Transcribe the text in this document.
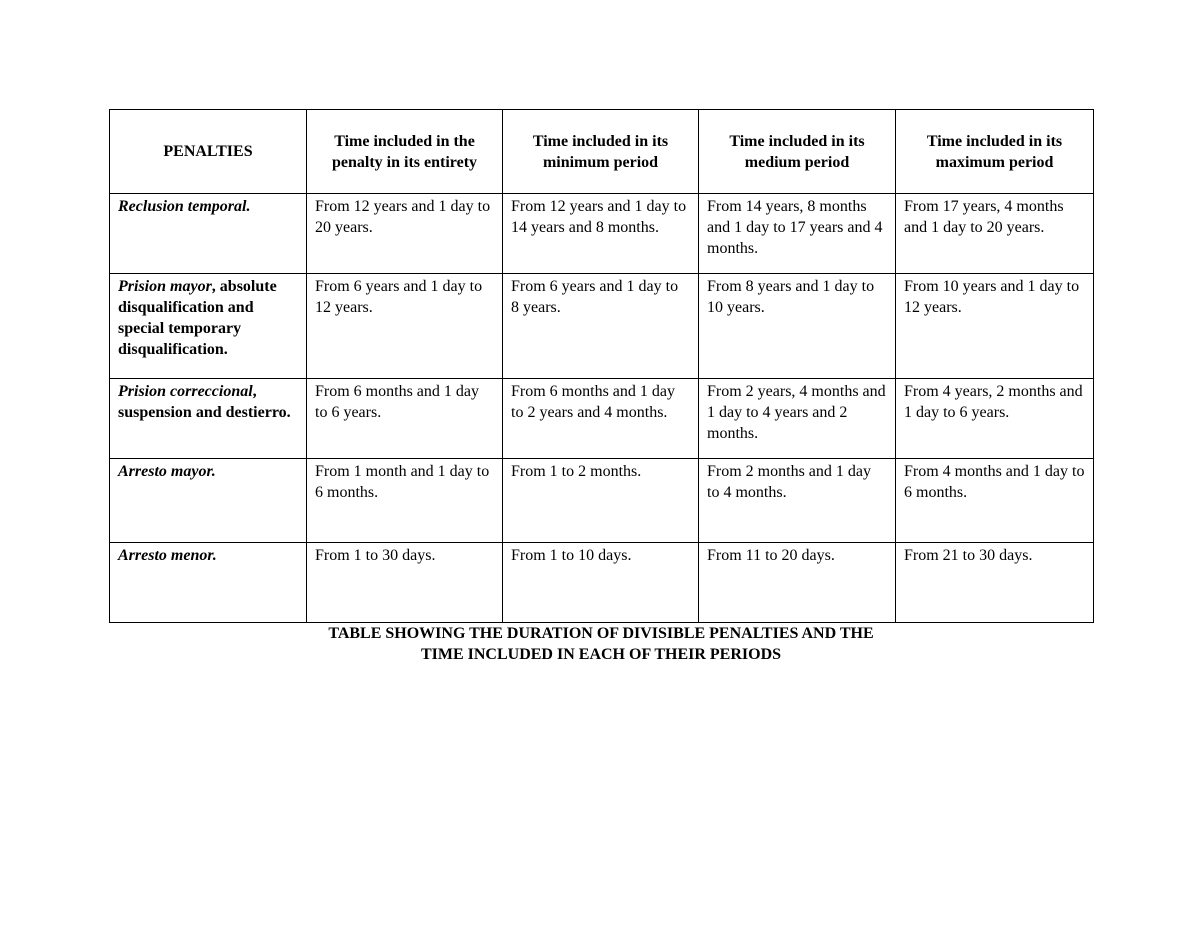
PENALTIES	Time included in the penalty in its entirety	Time included in its minimum period	Time included in its medium period	Time included in its maximum period
Reclusion temporal.	From 12 years and 1 day to 20 years.	From 12 years and 1 day to 14 years and 8 months.	From 14 years, 8 months and 1 day to 17 years and 4 months.	From 17 years, 4 months and 1 day to 20 years.
Prision mayor, absolute disqualification and special temporary disqualification.	From 6 years and 1 day to 12 years.	From 6 years and 1 day to 8 years.	From 8 years and 1 day to 10 years.	From 10 years and 1 day to 12 years.
Prision correccional, suspension and destierro.	From 6 months and 1 day to 6 years.	From 6 months and 1 day to 2 years and 4 months.	From 2 years, 4 months and 1 day to 4 years and 2 months.	From 4 years, 2 months and 1 day to 6 years.
Arresto mayor.	From 1 month and 1 day to 6 months.	From 1 to 2 months.	From 2 months and 1 day to 4 months.	From 4 months and 1 day to 6 months.
Arresto menor.	From 1 to 30 days.	From 1 to 10 days.	From 11 to 20 days.	From 21 to 30 days.

TABLE SHOWING THE DURATION OF DIVISIBLE PENALTIES AND THE
TIME INCLUDED IN EACH OF THEIR PERIODS
